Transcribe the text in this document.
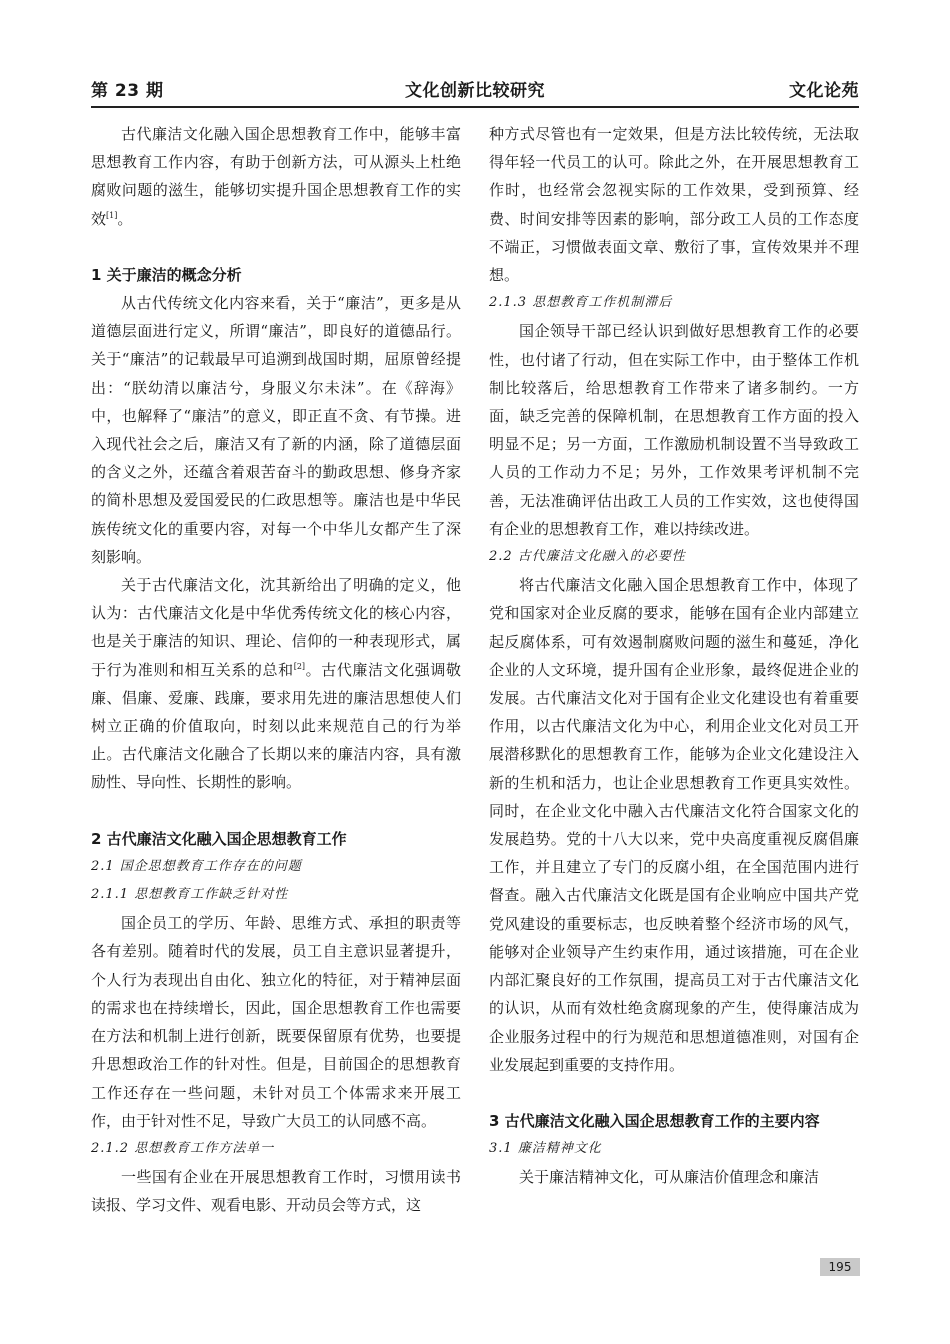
第 23 期	文化创新比较研究	文化论苑

古代廉洁文化融入国企思想教育工作中，能够丰富思想教育工作内容，有助于创新方法，可从源头上杜绝腐败问题的滋生，能够切实提升国企思想教育工作的实效[1]。

1 关于廉洁的概念分析

从古代传统文化内容来看，关于“廉洁”，更多是从道德层面进行定义，所谓“廉洁”，即良好的道德品行。关于“廉洁”的记载最早可追溯到战国时期，屈原曾经提出：“朕幼清以廉洁兮，身服义尔未沬”。在《辞海》中，也解释了“廉洁”的意义，即正直不贪、有节操。进入现代社会之后，廉洁又有了新的内涵，除了道德层面的含义之外，还蕴含着艰苦奋斗的勤政思想、修身齐家的简朴思想及爱国爱民的仁政思想等。廉洁也是中华民族传统文化的重要内容，对每一个中华儿女都产生了深刻影响。

关于古代廉洁文化，沈其新给出了明确的定义，他认为：古代廉洁文化是中华优秀传统文化的核心内容，也是关于廉洁的知识、理论、信仰的一种表现形式，属于行为准则和相互关系的总和[2]。古代廉洁文化强调敬廉、倡廉、爱廉、践廉，要求用先进的廉洁思想使人们树立正确的价值取向，时刻以此来规范自己的行为举止。古代廉洁文化融合了长期以来的廉洁内容，具有激励性、导向性、长期性的影响。

2 古代廉洁文化融入国企思想教育工作

2.1 国企思想教育工作存在的问题

2.1.1 思想教育工作缺乏针对性

国企员工的学历、年龄、思维方式、承担的职责等各有差别。随着时代的发展，员工自主意识显著提升，个人行为表现出自由化、独立化的特征，对于精神层面的需求也在持续增长，因此，国企思想教育工作也需要在方法和机制上进行创新，既要保留原有优势，也要提升思想政治工作的针对性。但是，目前国企的思想教育工作还存在一些问题，未针对员工个体需求来开展工作，由于针对性不足，导致广大员工的认同感不高。

2.1.2 思想教育工作方法单一

一些国有企业在开展思想教育工作时，习惯用读书读报、学习文件、观看电影、开动员会等方式，这

种方式尽管也有一定效果，但是方法比较传统，无法取得年轻一代员工的认可。除此之外，在开展思想教育工作时，也经常会忽视实际的工作效果，受到预算、经费、时间安排等因素的影响，部分政工人员的工作态度不端正，习惯做表面文章、敷衍了事，宣传效果并不理想。

2.1.3 思想教育工作机制滞后

国企领导干部已经认识到做好思想教育工作的必要性，也付诸了行动，但在实际工作中，由于整体工作机制比较落后，给思想教育工作带来了诸多制约。一方面，缺乏完善的保障机制，在思想教育工作方面的投入明显不足；另一方面，工作激励机制设置不当导致政工人员的工作动力不足；另外，工作效果考评机制不完善，无法准确评估出政工人员的工作实效，这也使得国有企业的思想教育工作，难以持续改进。

2.2 古代廉洁文化融入的必要性

将古代廉洁文化融入国企思想教育工作中，体现了党和国家对企业反腐的要求，能够在国有企业内部建立起反腐体系，可有效遏制腐败问题的滋生和蔓延，净化企业的人文环境，提升国有企业形象，最终促进企业的发展。古代廉洁文化对于国有企业文化建设也有着重要作用，以古代廉洁文化为中心，利用企业文化对员工开展潜移默化的思想教育工作，能够为企业文化建设注入新的生机和活力，也让企业思想教育工作更具实效性。同时，在企业文化中融入古代廉洁文化符合国家文化的发展趋势。党的十八大以来，党中央高度重视反腐倡廉工作，并且建立了专门的反腐小组，在全国范围内进行督查。融入古代廉洁文化既是国有企业响应中国共产党党风建设的重要标志，也反映着整个经济市场的风气，能够对企业领导产生约束作用，通过该措施，可在企业内部汇聚良好的工作氛围，提高员工对于古代廉洁文化的认识，从而有效杜绝贪腐现象的产生，使得廉洁成为企业服务过程中的行为规范和思想道德准则，对国有企业发展起到重要的支持作用。

3 古代廉洁文化融入国企思想教育工作的主要内容

3.1 廉洁精神文化

关于廉洁精神文化，可从廉洁价值理念和廉洁

195
